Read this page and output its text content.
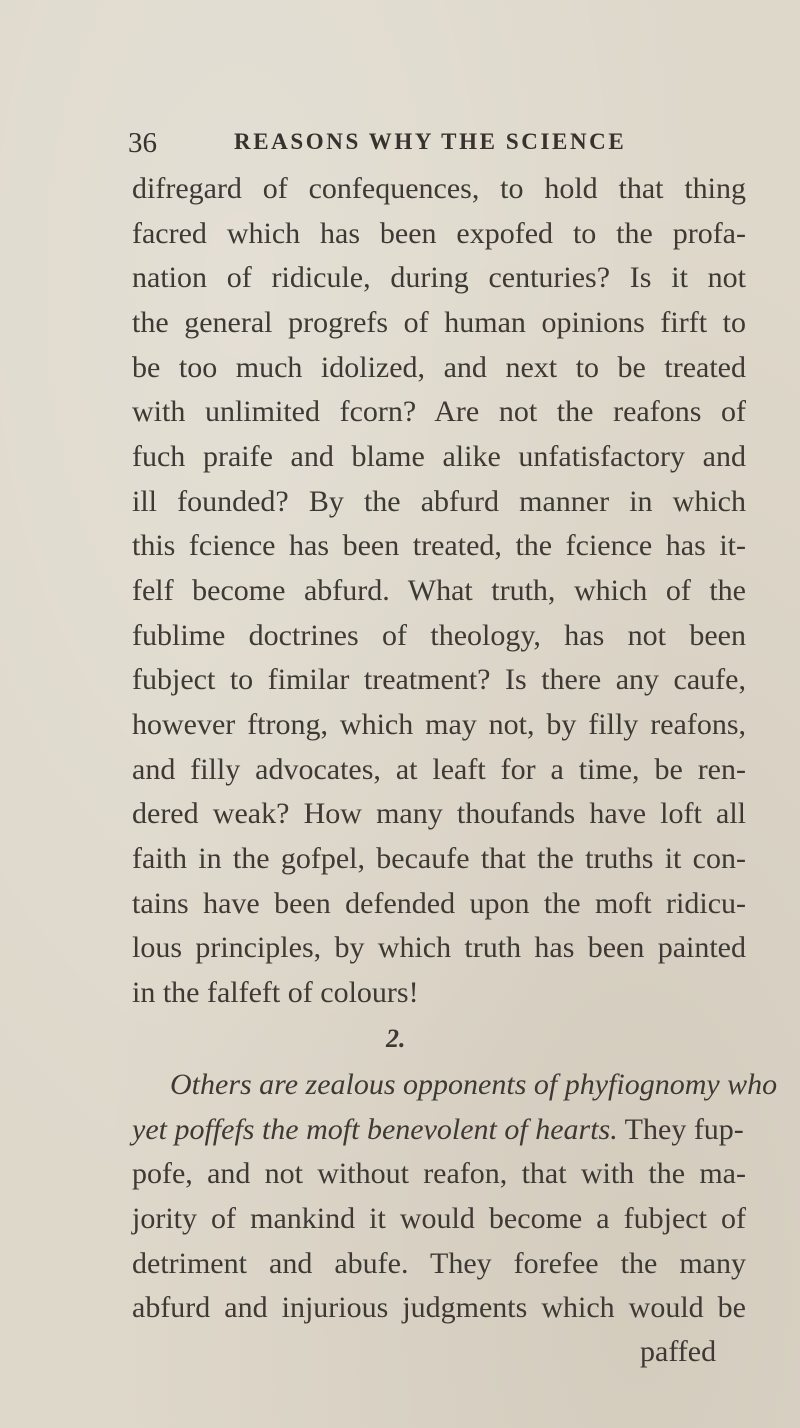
36	REASONS WHY THE SCIENCE
difregard of confequences, to hold that thing
facred which has been expofed to the profa-
nation of ridicule, during centuries? Is it not
the general progrefs of human opinions firft to
be too much idolized, and next to be treated
with unlimited fcorn? Are not the reafons of
fuch praife and blame alike unfatisfactory and
ill founded? By the abfurd manner in which
this fcience has been treated, the fcience has it-
felf become abfurd. What truth, which of the
fublime doctrines of theology, has not been
fubject to fimilar treatment? Is there any caufe,
however ftrong, which may not, by filly reafons,
and filly advocates, at leaft for a time, be ren-
dered weak? How many thoufands have loft all
faith in the gofpel, becaufe that the truths it con-
tains have been defended upon the moft ridicu-
lous principles, by which truth has been painted
in the falfeft of colours!
2.
Others are zealous opponents of phyfiognomy who
yet poffefs the moft benevolent of hearts. They fup-
pofe, and not without reafon, that with the ma-
jority of mankind it would become a fubject of
detriment and abufe. They forefee the many
abfurd and injurious judgments which would be
paffed
